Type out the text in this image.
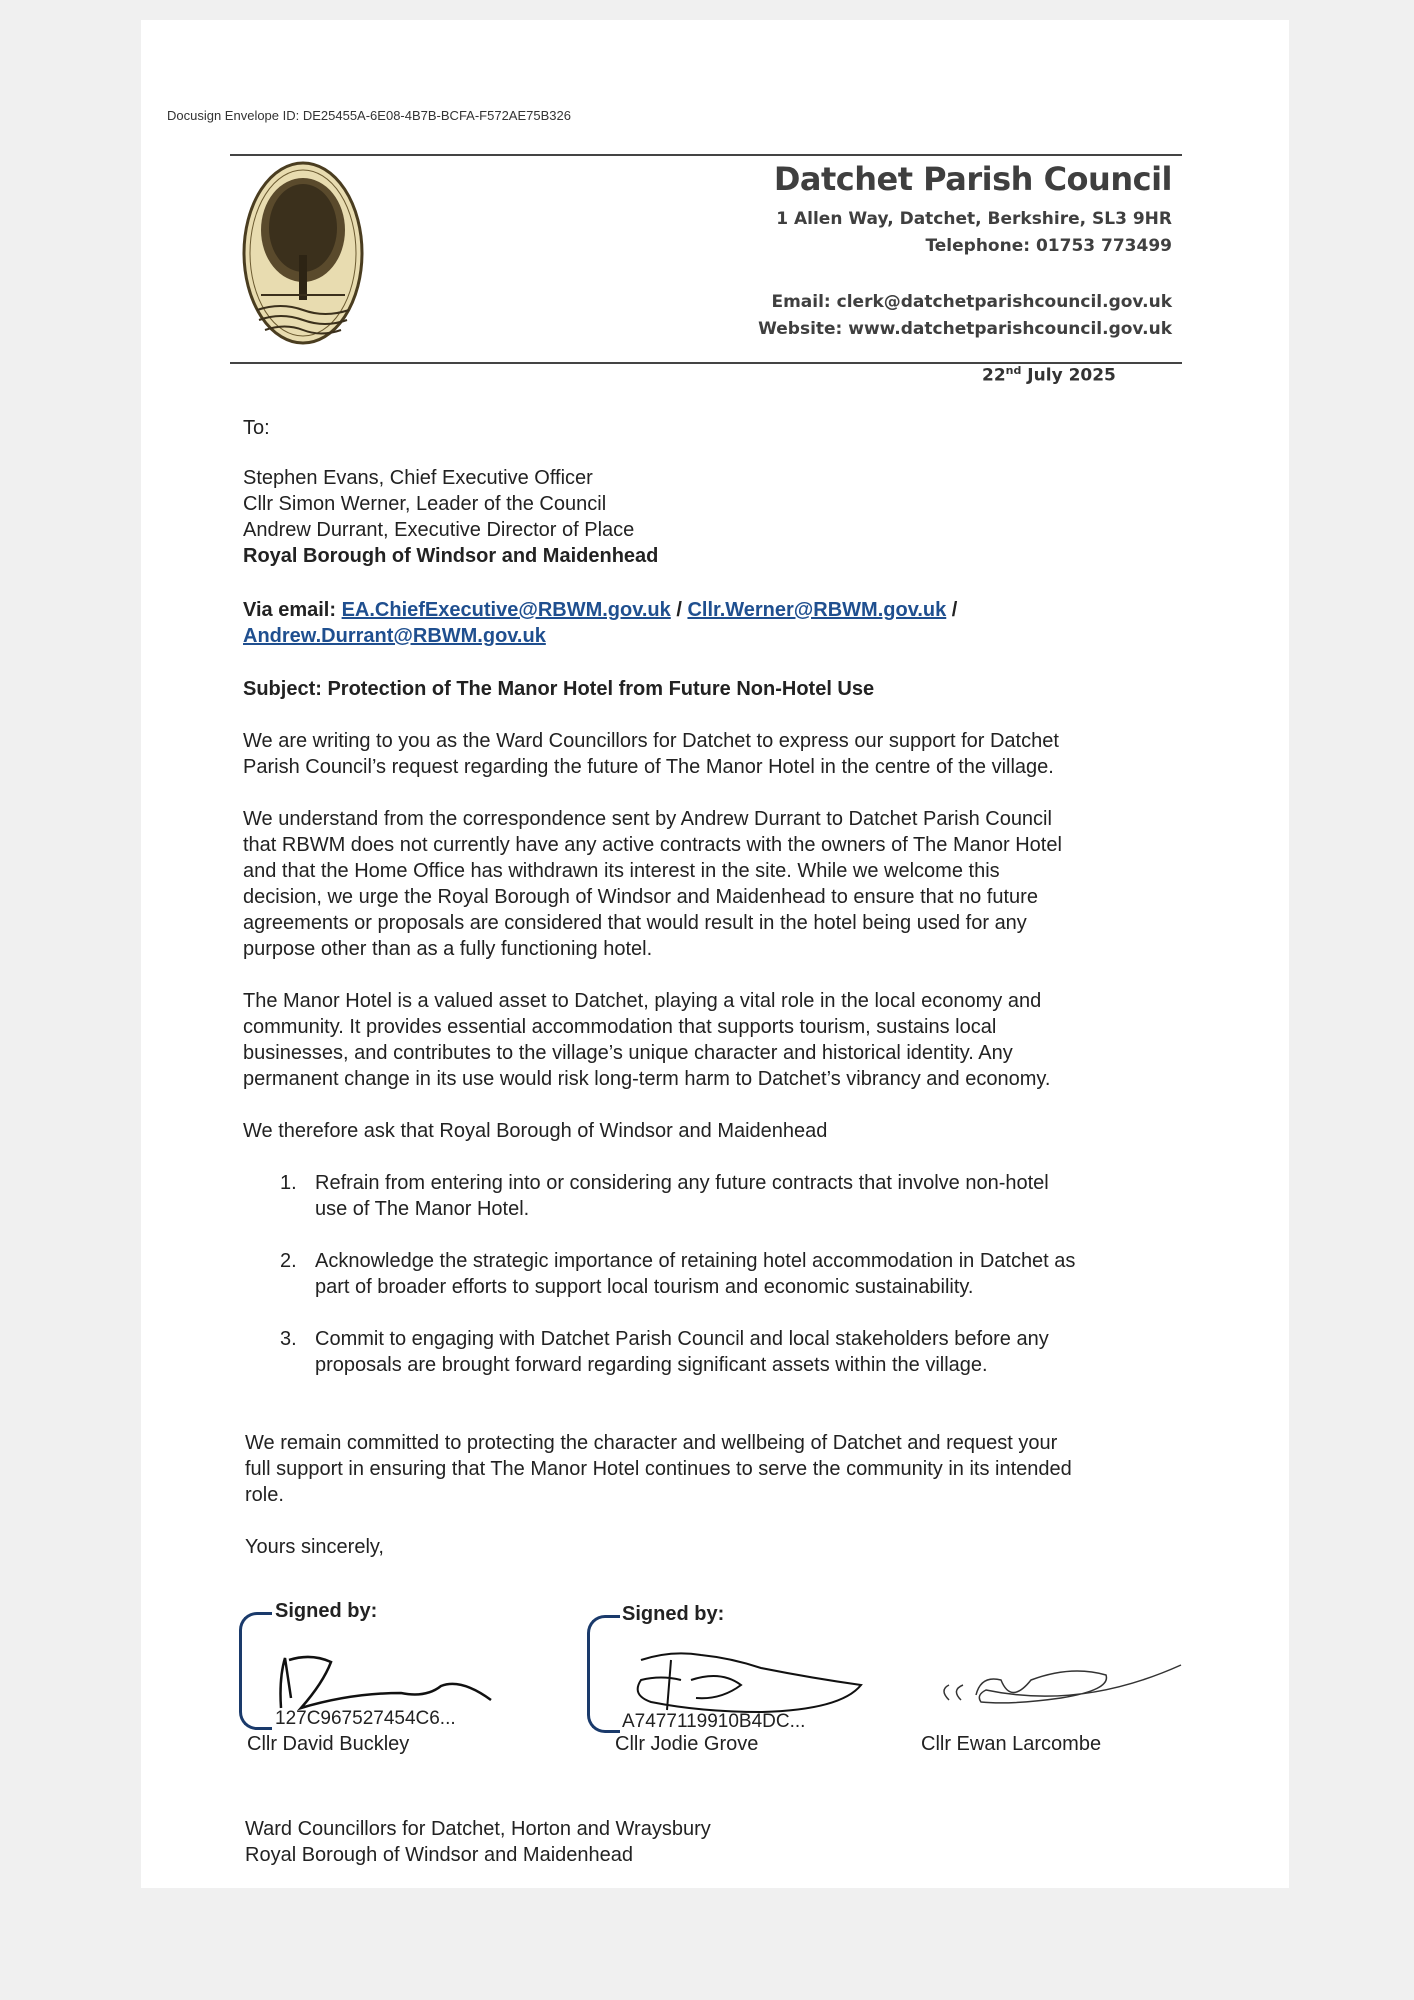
Docusign Envelope ID: DE25455A-6E08-4B7B-BCFA-F572AE75B326
Datchet Parish Council
1 Allen Way, Datchet, Berkshire, SL3 9HR
Telephone: 01753 773499
Email: clerk@datchetparishcouncil.gov.uk
Website: www.datchetparishcouncil.gov.uk
22nd July 2025
To:
Stephen Evans, Chief Executive Officer
Cllr Simon Werner, Leader of the Council
Andrew Durrant, Executive Director of Place
Royal Borough of Windsor and Maidenhead
Via email: EA.ChiefExecutive@RBWM.gov.uk / Cllr.Werner@RBWM.gov.uk /
Andrew.Durrant@RBWM.gov.uk
Subject: Protection of The Manor Hotel from Future Non-Hotel Use
We are writing to you as the Ward Councillors for Datchet to express our support for Datchet
Parish Council’s request regarding the future of The Manor Hotel in the centre of the village.
We understand from the correspondence sent by Andrew Durrant to Datchet Parish Council
that RBWM does not currently have any active contracts with the owners of The Manor Hotel
and that the Home Office has withdrawn its interest in the site. While we welcome this
decision, we urge the Royal Borough of Windsor and Maidenhead to ensure that no future
agreements or proposals are considered that would result in the hotel being used for any
purpose other than as a fully functioning hotel.
The Manor Hotel is a valued asset to Datchet, playing a vital role in the local economy and
community. It provides essential accommodation that supports tourism, sustains local
businesses, and contributes to the village’s unique character and historical identity. Any
permanent change in its use would risk long-term harm to Datchet’s vibrancy and economy.
We therefore ask that Royal Borough of Windsor and Maidenhead
1. Refrain from entering into or considering any future contracts that involve non-hotel
use of The Manor Hotel.
2. Acknowledge the strategic importance of retaining hotel accommodation in Datchet as
part of broader efforts to support local tourism and economic sustainability.
3. Commit to engaging with Datchet Parish Council and local stakeholders before any
proposals are brought forward regarding significant assets within the village.
We remain committed to protecting the character and wellbeing of Datchet and request your
full support in ensuring that The Manor Hotel continues to serve the community in its intended
role.
Yours sincerely,
Signed by:
127C967527454C6...
Cllr David Buckley
Signed by:
A7477119910B4DC...
Cllr Jodie Grove	Cllr Ewan Larcombe
Ward Councillors for Datchet, Horton and Wraysbury
Royal Borough of Windsor and Maidenhead
